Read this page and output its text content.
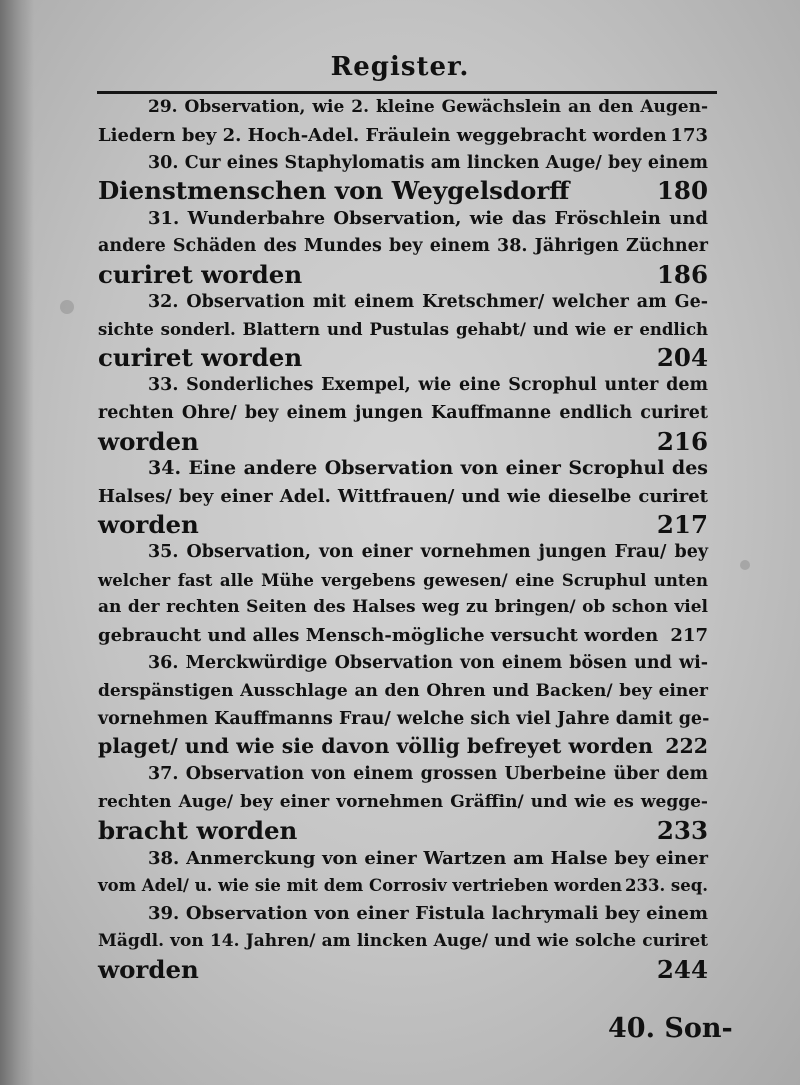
Register.
29. Observation, wie 2. kleine Gewächslein an den Augen-
Liedern bey 2. Hoch-Adel. Fräulein weggebracht worden 173
30. Cur eines Staphylomatis am lincken Auge/ bey einem
Dienstmenschen von Weygelsdorff	180
31. Wunderbahre Observation, wie das Fröschlein und
andere Schäden des Mundes bey einem 38. Jährigen Züchner
curiret worden	186
32. Observation mit einem Kretschmer/ welcher am Ge-
sichte sonderl. Blattern und Pustulas gehabt/ und wie er endlich
curiret worden	204
33. Sonderliches Exempel, wie eine Scrophul unter dem
rechten Ohre/ bey einem jungen Kauffmanne endlich curiret
worden	216
34. Eine andere Observation von einer Scrophul des
Halses/ bey einer Adel. Wittfrauen/ und wie dieselbe curiret
worden	217
35. Observation, von einer vornehmen jungen Frau/ bey
welcher fast alle Mühe vergebens gewesen/ eine Scruphul unten
an der rechten Seiten des Halses weg zu bringen/ ob schon viel
gebraucht und alles Mensch-mögliche versucht worden 217
36. Merckwürdige Observation von einem bösen und wi-
derspänstigen Ausschlage an den Ohren und Backen/ bey einer
vornehmen Kauffmanns Frau/ welche sich viel Jahre damit ge-
plaget/ und wie sie davon völlig befreyet worden 222
37. Observation von einem grossen Uberbeine über dem
rechten Auge/ bey einer vornehmen Gräffin/ und wie es wegge-
bracht worden	233
38. Anmerckung von einer Wartzen am Halse bey einer
vom Adel/ u. wie sie mit dem Corrosiv vertrieben worden 233. seq.
39. Observation von einer Fistula lachrymali bey einem
Mägdl. von 14. Jahren/ am lincken Auge/ und wie solche curiret
worden	244
40. Son-
